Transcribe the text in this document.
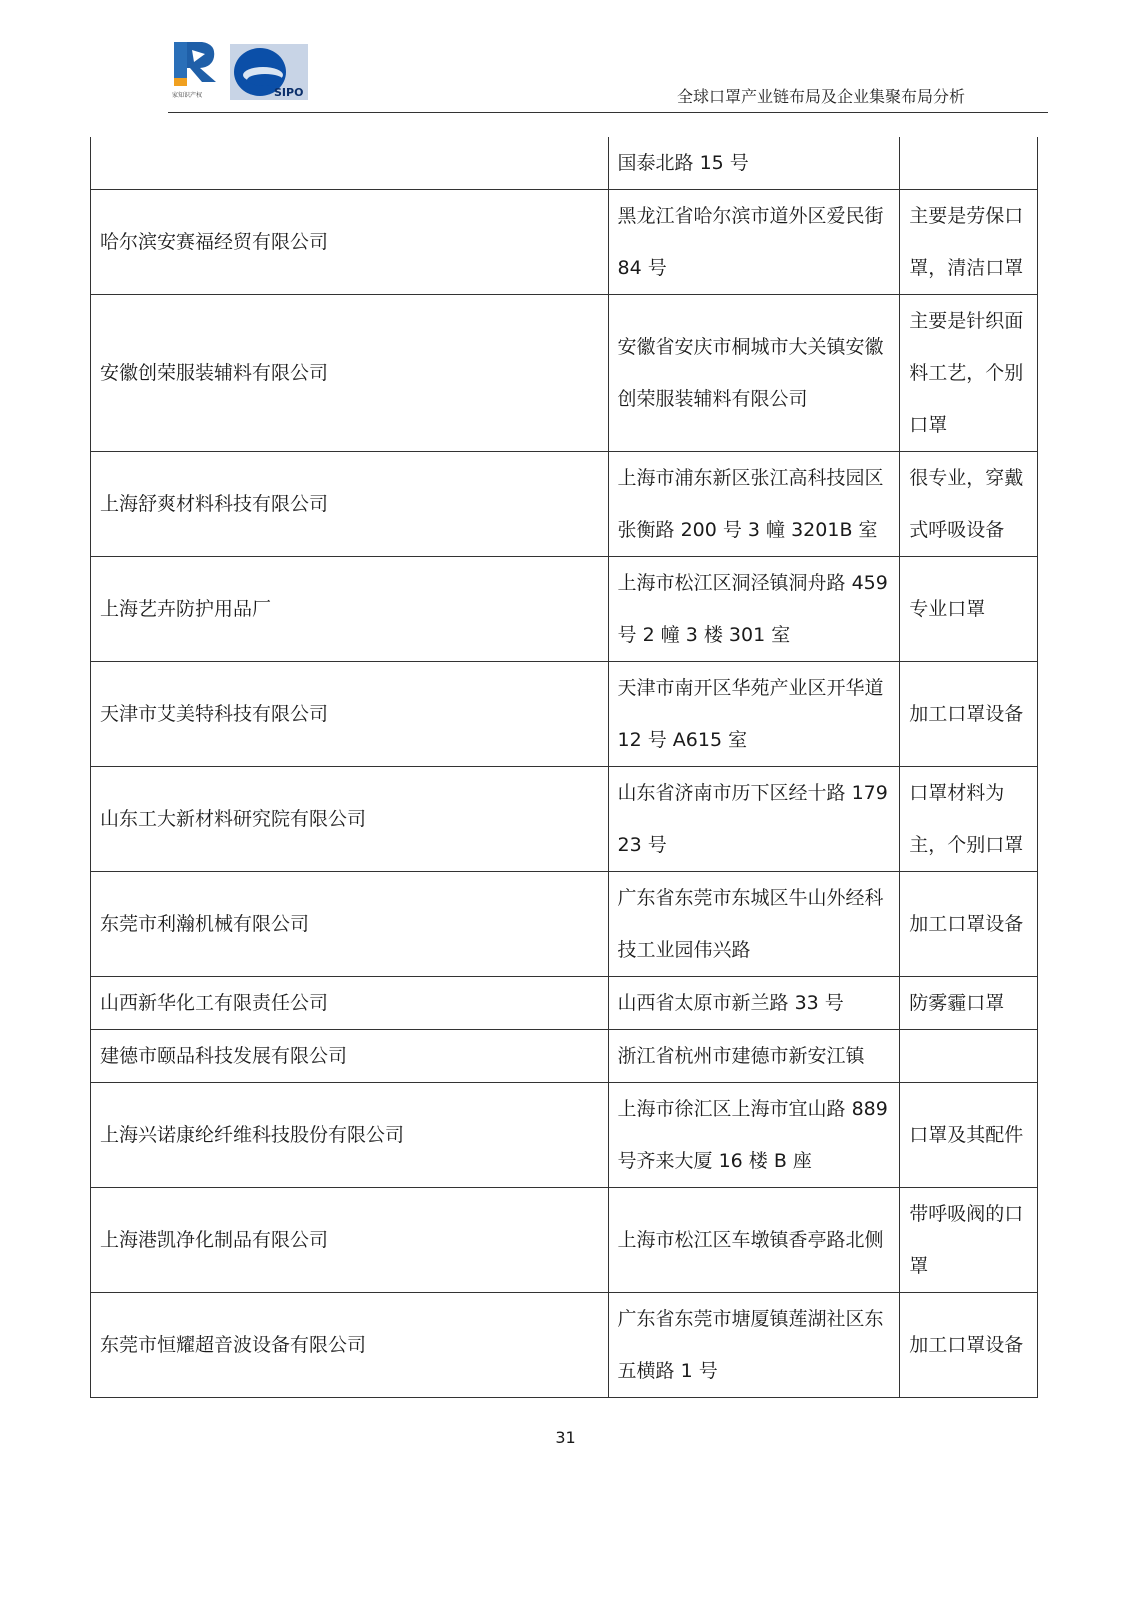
家知识产权	SIPO	全球口罩产业链布局及企业集聚布局分析
	国泰北路 15 号	
哈尔滨安赛福经贸有限公司	黑龙江省哈尔滨市道外区爱民街 84 号	主要是劳保口罩，清洁口罩
安徽创荣服装辅料有限公司	安徽省安庆市桐城市大关镇安徽创荣服装辅料有限公司	主要是针织面料工艺，个别口罩
上海舒爽材料科技有限公司	上海市浦东新区张江高科技园区张衡路 200 号 3 幢 3201B 室	很专业，穿戴式呼吸设备
上海艺卉防护用品厂	上海市松江区洞泾镇洞舟路 459 号 2 幢 3 楼 301 室	专业口罩
天津市艾美特科技有限公司	天津市南开区华苑产业区开华道 12 号 A615 室	加工口罩设备
山东工大新材料研究院有限公司	山东省济南市历下区经十路 17923 号	口罩材料为主，个别口罩
东莞市利瀚机械有限公司	广东省东莞市东城区牛山外经科技工业园伟兴路	加工口罩设备
山西新华化工有限责任公司	山西省太原市新兰路 33 号	防雾霾口罩
建德市颐品科技发展有限公司	浙江省杭州市建德市新安江镇	
上海兴诺康纶纤维科技股份有限公司	上海市徐汇区上海市宜山路 889 号齐来大厦 16 楼 B 座	口罩及其配件
上海港凯净化制品有限公司	上海市松江区车墩镇香亭路北侧	带呼吸阀的口罩
东莞市恒耀超音波设备有限公司	广东省东莞市塘厦镇莲湖社区东五横路 1 号	加工口罩设备
31
